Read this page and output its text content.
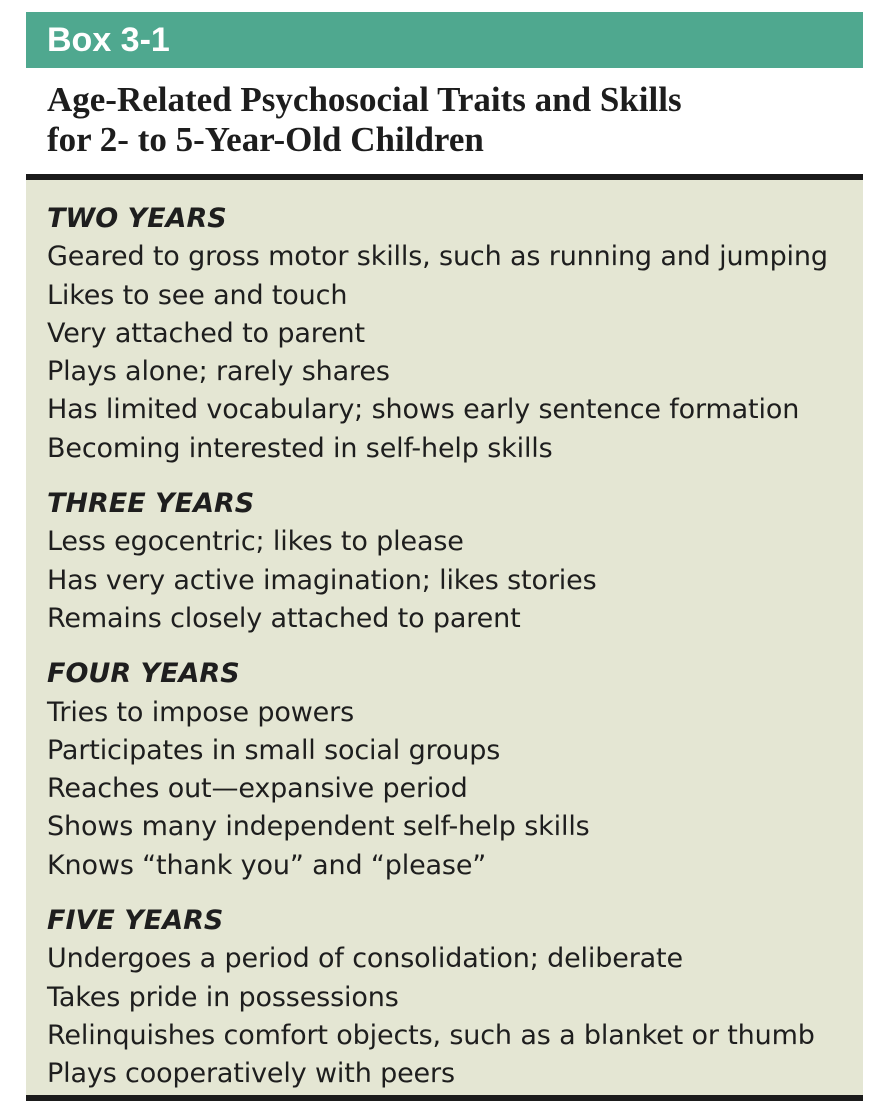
Box 3-1
Age-Related Psychosocial Traits and Skills
for 2- to 5-Year-Old Children
TWO YEARS
Geared to gross motor skills, such as running and jumping
Likes to see and touch
Very attached to parent
Plays alone; rarely shares
Has limited vocabulary; shows early sentence formation
Becoming interested in self-help skills
THREE YEARS
Less egocentric; likes to please
Has very active imagination; likes stories
Remains closely attached to parent
FOUR YEARS
Tries to impose powers
Participates in small social groups
Reaches out—expansive period
Shows many independent self-help skills
Knows “thank you” and “please”
FIVE YEARS
Undergoes a period of consolidation; deliberate
Takes pride in possessions
Relinquishes comfort objects, such as a blanket or thumb
Plays cooperatively with peers
